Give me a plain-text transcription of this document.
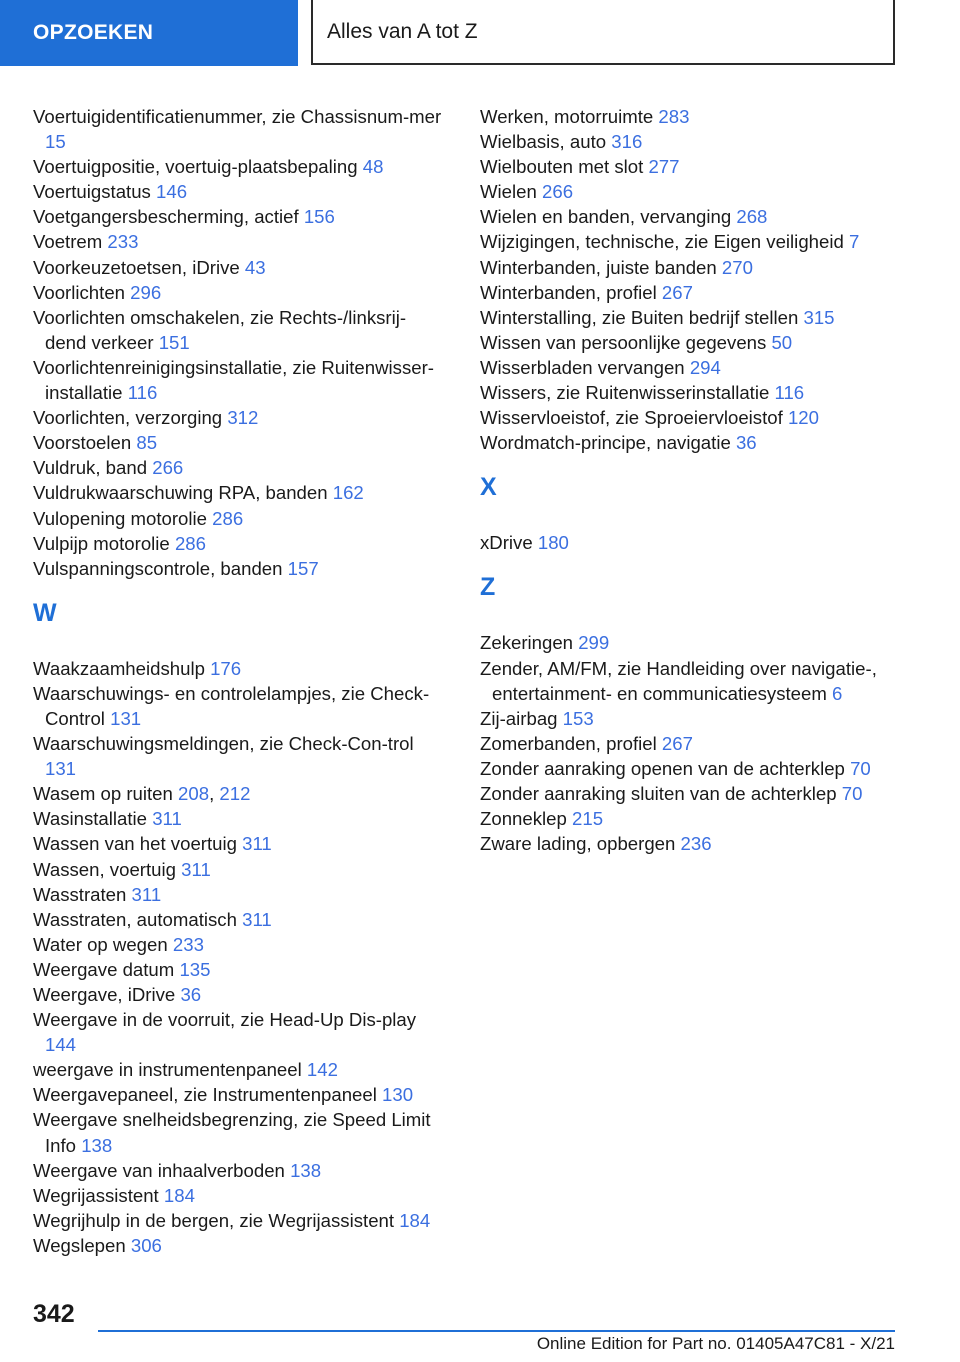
OPZOEKEN	Alles van A tot Z
Voertuigidentificatienummer, zie Chassisnum-mer 15
Voertuigpositie, voertuig-plaatsbepaling 48
Voertuigstatus 146
Voetgangersbescherming, actief 156
Voetrem 233
Voorkeuzetoetsen, iDrive 43
Voorlichten 296
Voorlichten omschakelen, zie Rechts-/linksrij-dend verkeer 151
Voorlichtenreinigingsinstallatie, zie Ruitenwisser-installatie 116
Voorlichten, verzorging 312
Voorstoelen 85
Vuldruk, band 266
Vuldrukwaarschuwing RPA, banden 162
Vulopening motorolie 286
Vulpijp motorolie 286
Vulspanningscontrole, banden 157
W
Waakzaamheidshulp 176
Waarschuwings- en controlelampjes, zie Check-Control 131
Waarschuwingsmeldingen, zie Check-Con-trol 131
Wasem op ruiten 208, 212
Wasinstallatie 311
Wassen van het voertuig 311
Wassen, voertuig 311
Wasstraten 311
Wasstraten, automatisch 311
Water op wegen 233
Weergave datum 135
Weergave, iDrive 36
Weergave in de voorruit, zie Head-Up Dis-play 144
weergave in instrumentenpaneel 142
Weergavepaneel, zie Instrumentenpaneel 130
Weergave snelheidsbegrenzing, zie Speed Limit Info 138
Weergave van inhaalverboden 138
Wegrijassistent 184
Wegrijhulp in de bergen, zie Wegrijassistent 184
Wegslepen 306
Werken, motorruimte 283
Wielbasis, auto 316
Wielbouten met slot 277
Wielen 266
Wielen en banden, vervanging 268
Wijzigingen, technische, zie Eigen veiligheid 7
Winterbanden, juiste banden 270
Winterbanden, profiel 267
Winterstalling, zie Buiten bedrijf stellen 315
Wissen van persoonlijke gegevens 50
Wisserbladen vervangen 294
Wissers, zie Ruitenwisserinstallatie 116
Wisservloeistof, zie Sproeiervloeistof 120
Wordmatch-principe, navigatie 36
X
xDrive 180
Z
Zekeringen 299
Zender, AM/FM, zie Handleiding over navigatie-, entertainment- en communicatiesysteem 6
Zij-airbag 153
Zomerbanden, profiel 267
Zonder aanraking openen van de achterklep 70
Zonder aanraking sluiten van de achterklep 70
Zonneklep 215
Zware lading, opbergen 236
342
Online Edition for Part no. 01405A47C81 - X/21
